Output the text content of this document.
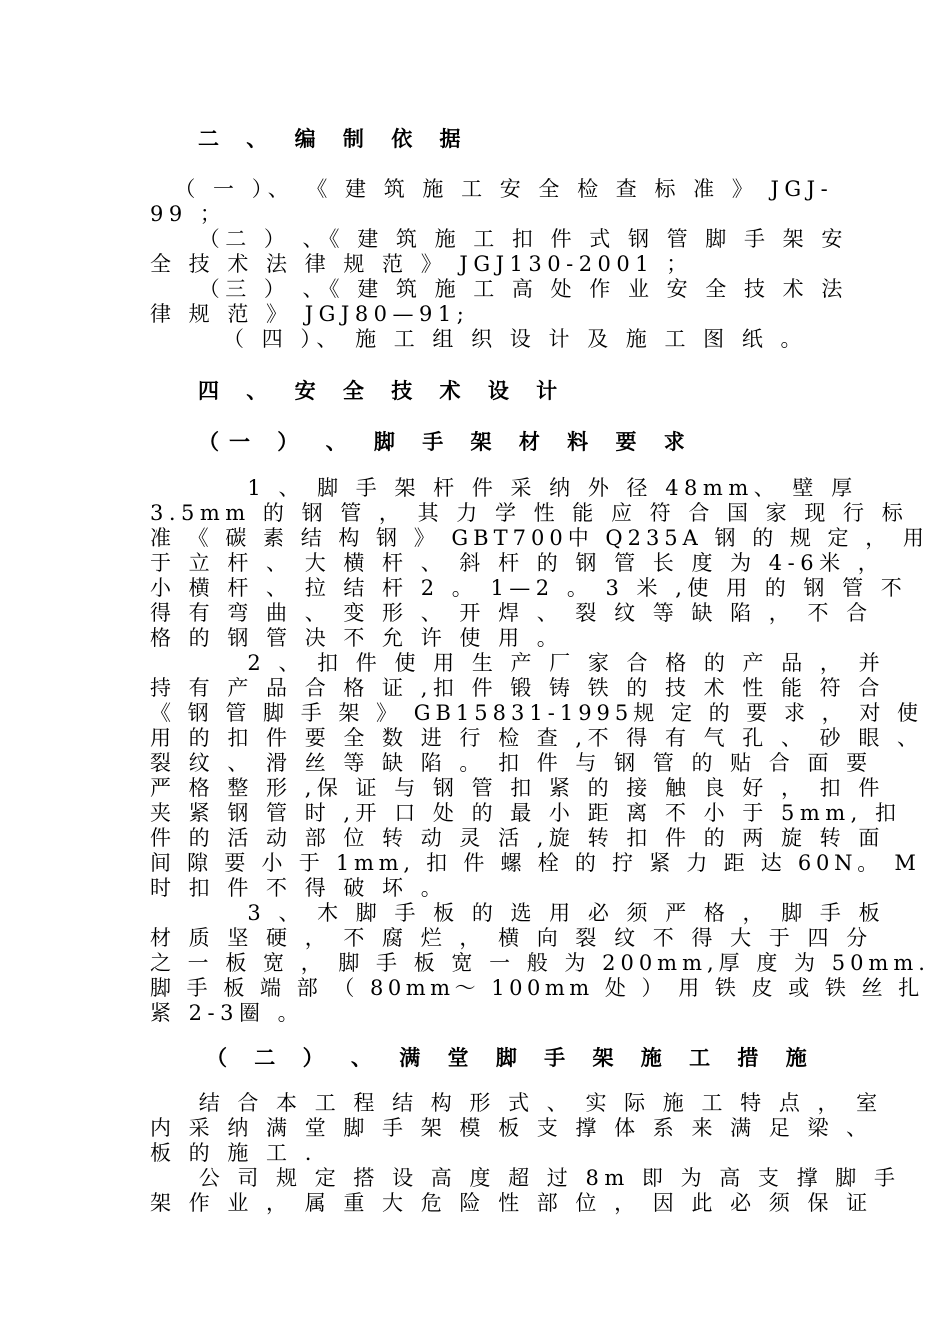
二 、 编 制 依 据
（ 一 ）、 《 建 筑 施 工 安 全 检 查 标 准 》 JGJ-
99 ；
（二 ） 、《 建 筑 施 工 扣 件 式 钢 管 脚 手 架 安
全 技 术 法 律 规 范 》 JGJ130-2001 ；
（三 ） 、《 建 筑 施 工 高 处 作 业 安 全 技 术 法
律 规 范 》 JGJ80—91;
（ 四 ）、 施 工 组 织 设 计 及 施 工 图 纸 。
四 、 安 全 技 术 设 计
（一 ） 、 脚 手 架 材 料 要 求
1 、 脚 手 架 杆 件 采 纳 外 径 48mm、 壁 厚
3.5mm 的 钢 管 ， 其 力 学 性 能 应 符 合 国 家 现 行 标
准 《 碳 素 结 构 钢 》 GBT700中 Q235A 钢 的 规 定 ， 用
于 立 杆 、 大 横 杆 、 斜 杆 的 钢 管 长 度 为 4-6米 ，
小 横 杆 、 拉 结 杆 2 。 1—2 。 3 米 ,使 用 的 钢 管 不
得 有 弯 曲 、 变 形 、 开 焊 、 裂 纹 等 缺 陷 ， 不 合
格 的 钢 管 决 不 允 许 使 用 。
2 、 扣 件 使 用 生 产 厂 家 合 格 的 产 品 ， 并
持 有 产 品 合 格 证 ,扣 件 锻 铸 铁 的 技 术 性 能 符 合
《 钢 管 脚 手 架 》 GB15831-1995规 定 的 要 求 ， 对 使
用 的 扣 件 要 全 数 进 行 检 查 ,不 得 有 气 孔 、 砂 眼 、
裂 纹 、 滑 丝 等 缺 陷 。 扣 件 与 钢 管 的 贴 合 面 要
严 格 整 形 ,保 证 与 钢 管 扣 紧 的 接 触 良 好 ， 扣 件
夹 紧 钢 管 时 ,开 口 处 的 最 小 距 离 不 小 于 5mm, 扣
件 的 活 动 部 位 转 动 灵 活 ,旋 转 扣 件 的 两 旋 转 面
间 隙 要 小 于 1mm, 扣 件 螺 栓 的 拧 紧 力 距 达 60N。 M
时 扣 件 不 得 破 坏 。
3 、 木 脚 手 板 的 选 用 必 须 严 格 ， 脚 手 板
材 质 坚 硬 ， 不 腐 烂 ， 横 向 裂 纹 不 得 大 于 四 分
之 一 板 宽 ， 脚 手 板 宽 一 般 为 200mm,厚 度 为 50mm.
脚 手 板 端 部 （ 80mm～ 100mm 处 ） 用 铁 皮 或 铁 丝 扎
紧 2-3圈 。
（ 二 ） 、 满 堂 脚 手 架 施 工 措 施
结 合 本 工 程 结 构 形 式 、 实 际 施 工 特 点 ， 室
内 采 纳 满 堂 脚 手 架 模 板 支 撑 体 系 来 满 足 梁 、
板 的 施 工 .
公 司 规 定 搭 设 高 度 超 过 8m 即 为 高 支 撑 脚 手
架 作 业 ， 属 重 大 危 险 性 部 位 ， 因 此 必 须 保 证
